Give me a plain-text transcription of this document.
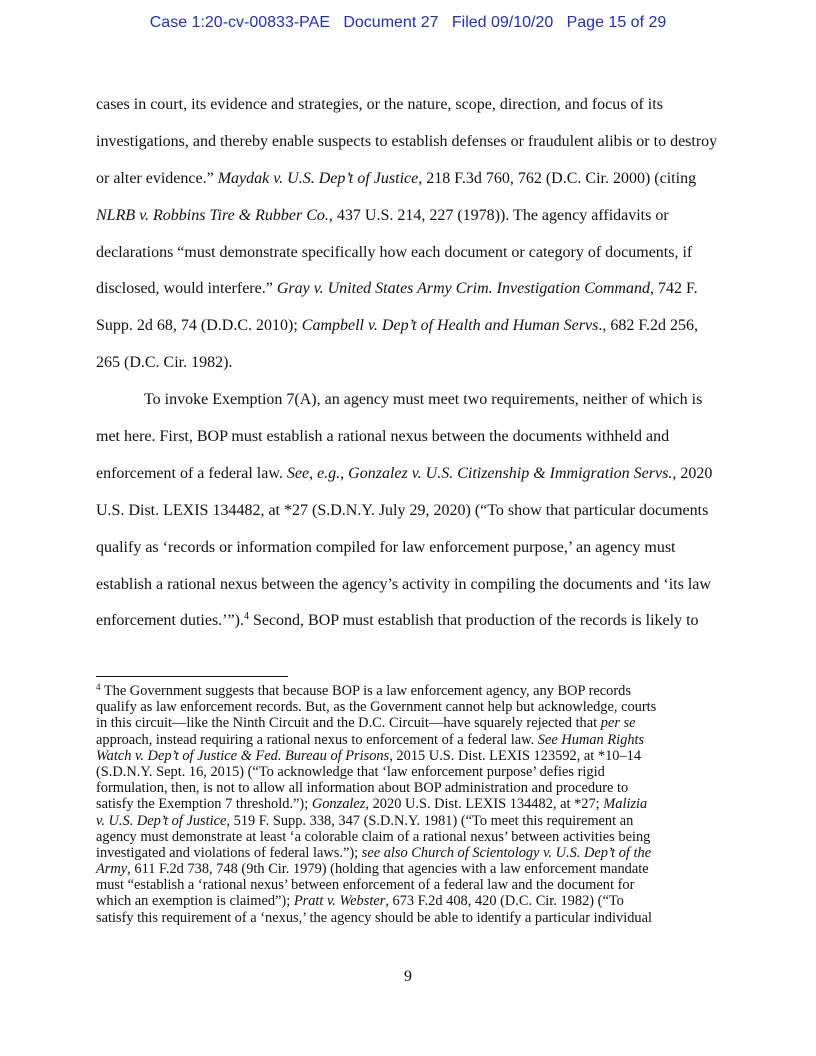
Case 1:20-cv-00833-PAE Document 27 Filed 09/10/20 Page 15 of 29
cases in court, its evidence and strategies, or the nature, scope, direction, and focus of its
investigations, and thereby enable suspects to establish defenses or fraudulent alibis or to destroy
or alter evidence.” Maydak v. U.S. Dep’t of Justice, 218 F.3d 760, 762 (D.C. Cir. 2000) (citing
NLRB v. Robbins Tire & Rubber Co., 437 U.S. 214, 227 (1978)). The agency affidavits or
declarations “must demonstrate specifically how each document or category of documents, if
disclosed, would interfere.” Gray v. United States Army Crim. Investigation Command, 742 F.
Supp. 2d 68, 74 (D.D.C. 2010); Campbell v. Dep’t of Health and Human Servs., 682 F.2d 256,
265 (D.C. Cir. 1982).
To invoke Exemption 7(A), an agency must meet two requirements, neither of which is
met here. First, BOP must establish a rational nexus between the documents withheld and
enforcement of a federal law. See, e.g., Gonzalez v. U.S. Citizenship & Immigration Servs., 2020
U.S. Dist. LEXIS 134482, at *27 (S.D.N.Y. July 29, 2020) (“To show that particular documents
qualify as ‘records or information compiled for law enforcement purpose,’ an agency must
establish a rational nexus between the agency’s activity in compiling the documents and ‘its law
enforcement duties.’”).$^4$ Second, BOP must establish that production of the records is likely to
$^4$ The Government suggests that because BOP is a law enforcement agency, any BOP records
qualify as law enforcement records. But, as the Government cannot help but acknowledge, courts
in this circuit—like the Ninth Circuit and the D.C. Circuit—have squarely rejected that per se
approach, instead requiring a rational nexus to enforcement of a federal law. See Human Rights
Watch v. Dep’t of Justice & Fed. Bureau of Prisons, 2015 U.S. Dist. LEXIS 123592, at *10–14
(S.D.N.Y. Sept. 16, 2015) (“To acknowledge that ‘law enforcement purpose’ defies rigid
formulation, then, is not to allow all information about BOP administration and procedure to
satisfy the Exemption 7 threshold.”); Gonzalez, 2020 U.S. Dist. LEXIS 134482, at *27; Malizia
v. U.S. Dep’t of Justice, 519 F. Supp. 338, 347 (S.D.N.Y. 1981) (“To meet this requirement an
agency must demonstrate at least ‘a colorable claim of a rational nexus’ between activities being
investigated and violations of federal laws.”); see also Church of Scientology v. U.S. Dep’t of the
Army, 611 F.2d 738, 748 (9th Cir. 1979) (holding that agencies with a law enforcement mandate
must “establish a ‘rational nexus’ between enforcement of a federal law and the document for
which an exemption is claimed”); Pratt v. Webster, 673 F.2d 408, 420 (D.C. Cir. 1982) (“To
satisfy this requirement of a ‘nexus,’ the agency should be able to identify a particular individual
9
